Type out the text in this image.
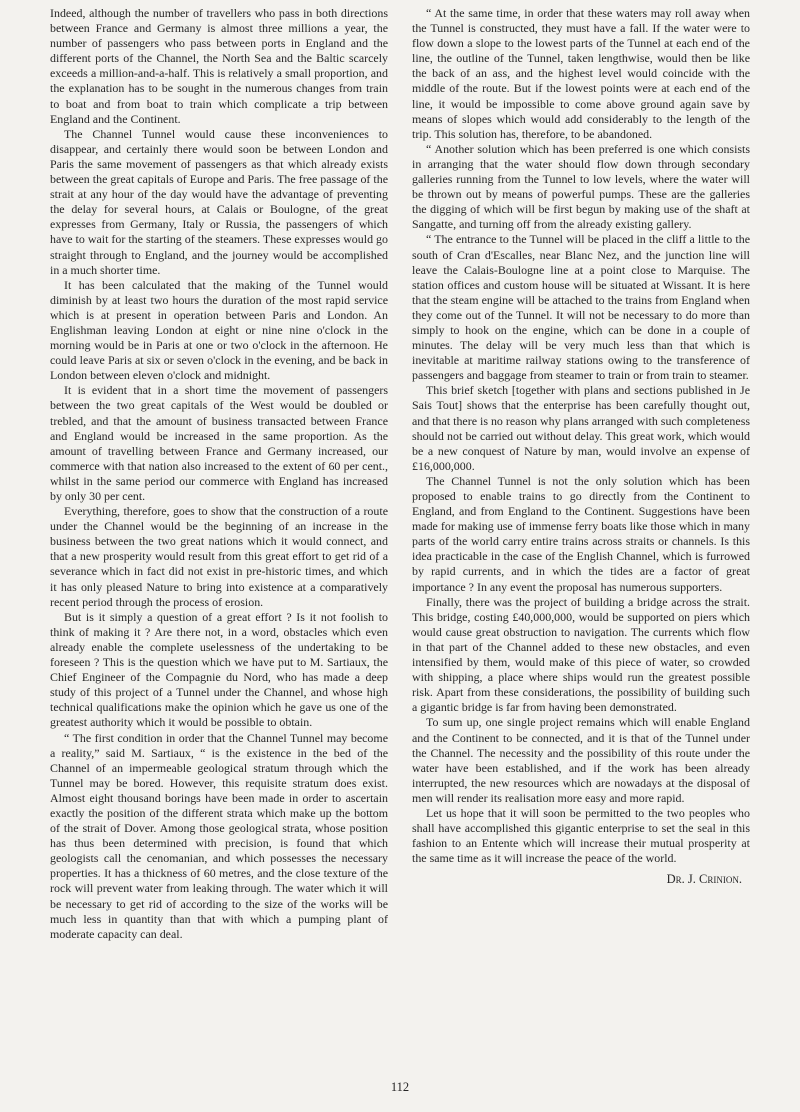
Indeed, although the number of travellers who pass in both directions between France and Germany is almost three millions a year, the number of passengers who pass between ports in England and the different ports of the Channel, the North Sea and the Baltic scarcely exceeds a million-and-a-half. This is relatively a small proportion, and the explanation has to be sought in the numerous changes from train to boat and from boat to train which complicate a trip between England and the Continent.

The Channel Tunnel would cause these inconveniences to disappear, and certainly there would soon be between London and Paris the same movement of passengers as that which already exists between the great capitals of Europe and Paris. The free passage of the strait at any hour of the day would have the advantage of preventing the delay for several hours, at Calais or Boulogne, of the great expresses from Germany, Italy or Russia, the passengers of which have to wait for the starting of the steamers. These expresses would go straight through to England, and the journey would be accomplished in a much shorter time.

It has been calculated that the making of the Tunnel would diminish by at least two hours the duration of the most rapid service which is at present in operation between Paris and London. An Englishman leaving London at eight or nine nine o'clock in the morning would be in Paris at one or two o'clock in the afternoon. He could leave Paris at six or seven o'clock in the evening, and be back in London between eleven o'clock and midnight.

It is evident that in a short time the movement of passengers between the two great capitals of the West would be doubled or trebled, and that the amount of business transacted between France and England would be increased in the same proportion. As the amount of travelling between France and Germany increased, our commerce with that nation also increased to the extent of 60 per cent., whilst in the same period our commerce with England has increased by only 30 per cent.

Everything, therefore, goes to show that the construction of a route under the Channel would be the beginning of an increase in the business between the two great nations which it would connect, and that a new prosperity would result from this great effort to get rid of a severance which in fact did not exist in pre-historic times, and which it has only pleased Nature to bring into existence at a comparatively recent period through the process of erosion.

But is it simply a question of a great effort ? Is it not foolish to think of making it ? Are there not, in a word, obstacles which even already enable the complete uselessness of the undertaking to be foreseen ? This is the question which we have put to M. Sartiaux, the Chief Engineer of the Compagnie du Nord, who has made a deep study of this project of a Tunnel under the Channel, and whose high technical qualifications make the opinion which he gave us one of the greatest authority which it would be possible to obtain.

“ The first condition in order that the Channel Tunnel may become a reality,” said M. Sartiaux, “ is the existence in the bed of the Channel of an impermeable geological stratum through which the Tunnel may be bored. However, this requisite stratum does exist. Almost eight thousand borings have been made in order to ascertain exactly the position of the different strata which make up the bottom of the strait of Dover. Among those geological strata, whose position has thus been determined with precision, is found that which geologists call the cenomanian, and which possesses the necessary properties. It has a thickness of 60 metres, and the close texture of the rock will prevent water from leaking through. The water which it will be necessary to get rid of according to the size of the works will be much less in quantity than that with which a pumping plant of moderate capacity can deal.

“ At the same time, in order that these waters may roll away when the Tunnel is constructed, they must have a fall. If the water were to flow down a slope to the lowest parts of the Tunnel at each end of the line, the outline of the Tunnel, taken lengthwise, would then be like the back of an ass, and the highest level would coincide with the middle of the route. But if the lowest points were at each end of the line, it would be impossible to come above ground again save by means of slopes which would add considerably to the length of the trip. This solution has, therefore, to be abandoned.

“ Another solution which has been preferred is one which consists in arranging that the water should flow down through secondary galleries running from the Tunnel to low levels, where the water will be thrown out by means of powerful pumps. These are the galleries the digging of which will be first begun by making use of the shaft at Sangatte, and turning off from the already existing gallery.

“ The entrance to the Tunnel will be placed in the cliff a little to the south of Cran d'Escalles, near Blanc Nez, and the junction line will leave the Calais-Boulogne line at a point close to Marquise. The station offices and custom house will be situated at Wissant. It is here that the steam engine will be attached to the trains from England when they come out of the Tunnel. It will not be necessary to do more than simply to hook on the engine, which can be done in a couple of minutes. The delay will be very much less than that which is inevitable at maritime railway stations owing to the transference of passengers and baggage from steamer to train or from train to steamer.

This brief sketch [together with plans and sections published in Je Sais Tout] shows that the enterprise has been carefully thought out, and that there is no reason why plans arranged with such completeness should not be carried out without delay. This great work, which would be a new conquest of Nature by man, would involve an expense of £16,000,000.

The Channel Tunnel is not the only solution which has been proposed to enable trains to go directly from the Continent to England, and from England to the Continent. Suggestions have been made for making use of immense ferry boats like those which in many parts of the world carry entire trains across straits or channels. Is this idea practicable in the case of the English Channel, which is furrowed by rapid currents, and in which the tides are a factor of great importance ? In any event the proposal has numerous supporters.

Finally, there was the project of building a bridge across the strait. This bridge, costing £40,000,000, would be supported on piers which would cause great obstruction to navigation. The currents which flow in that part of the Channel added to these new obstacles, and even intensified by them, would make of this piece of water, so crowded with shipping, a place where ships would run the greatest possible risk. Apart from these considerations, the possibility of building such a gigantic bridge is far from having been demonstrated.

To sum up, one single project remains which will enable England and the Continent to be connected, and it is that of the Tunnel under the Channel. The necessity and the possibility of this route under the water have been established, and if the work has been already interrupted, the new resources which are nowadays at the disposal of men will render its realisation more easy and more rapid.

Let us hope that it will soon be permitted to the two peoples who shall have accomplished this gigantic enterprise to set the seal in this fashion to an Entente which will increase their mutual prosperity at the same time as it will increase the peace of the world.

Dr. J. Crinion.
112
